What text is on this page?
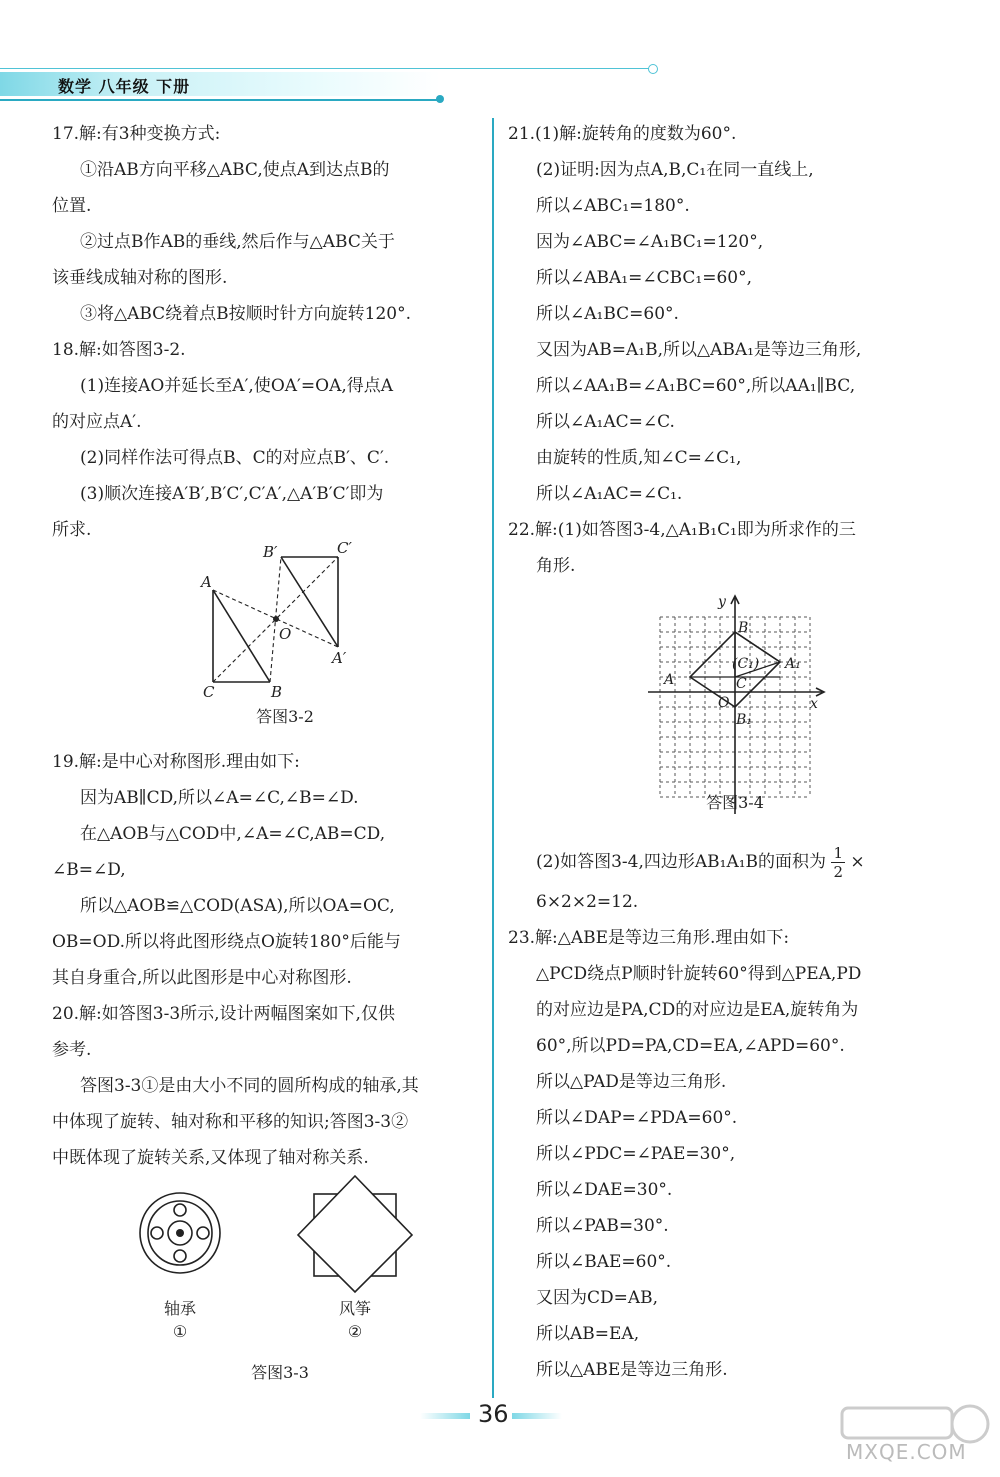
数学 八年级 下册
17.解:有3种变换方式:
①沿AB方向平移△ABC,使点A到达点B的
位置.
②过点B作AB的垂线,然后作与△ABC关于
该垂线成轴对称的图形.
③将△ABC绕着点B按顺时针方向旋转120°.
18.解:如答图3-2.
(1)连接AO并延长至A′,使OA′=OA,得点A
的对应点A′.
(2)同样作法可得点B、C的对应点B′、C′.
(3)顺次连接A′B′,B′C′,C′A′,△A′B′C′即为
所求.
A
C	B
O
B′	C′
A′
答图3-2
19.解:是中心对称图形.理由如下:
因为AB∥CD,所以∠A=∠C,∠B=∠D.
在△AOB与△COD中,∠A=∠C,AB=CD,
∠B=∠D,
所以△AOB≌△COD(ASA),所以OA=OC,
OB=OD.所以将此图形绕点O旋转180°后能与
其自身重合,所以此图形是中心对称图形.
20.解:如答图3-3所示,设计两幅图案如下,仅供
参考.
答图3-3①是由大小不同的圆所构成的轴承,其
中体现了旋转、轴对称和平移的知识;答图3-3②
中既体现了旋转关系,又体现了轴对称关系.
轴承
①
风筝
②
答图3-3
21.(1)解:旋转角的度数为60°.
(2)证明:因为点A,B,C₁在同一直线上,
所以∠ABC₁=180°.
因为∠ABC=∠A₁BC₁=120°,
所以∠ABA₁=∠CBC₁=60°,
所以∠A₁BC=60°.
又因为AB=A₁B,所以△ABA₁是等边三角形,
所以∠AA₁B=∠A₁BC=60°,所以AA₁∥BC,
所以∠A₁AC=∠C.
由旋转的性质,知∠C=∠C₁,
所以∠A₁AC=∠C₁.
22.解:(1)如答图3-4,△A₁B₁C₁即为所求作的三
角形.
y
x
B
(C₁) A₁
A	C
O
B₁
答图3-4
(2)如答图3-4,四边形AB₁A₁B的面积为 $\frac{1}{2}$ ×
6×2×2=12.
23.解:△ABE是等边三角形.理由如下:
△PCD绕点P顺时针旋转60°得到△PEA,PD
的对应边是PA,CD的对应边是EA,旋转角为
60°,所以PD=PA,CD=EA,∠APD=60°.
所以△PAD是等边三角形.
所以∠DAP=∠PDA=60°.
所以∠PDC=∠PAE=30°,
所以∠DAE=30°.
所以∠PAB=30°.
所以∠BAE=60°.
又因为CD=AB,
所以AB=EA,
所以△ABE是等边三角形.
36
MXQE.COM
